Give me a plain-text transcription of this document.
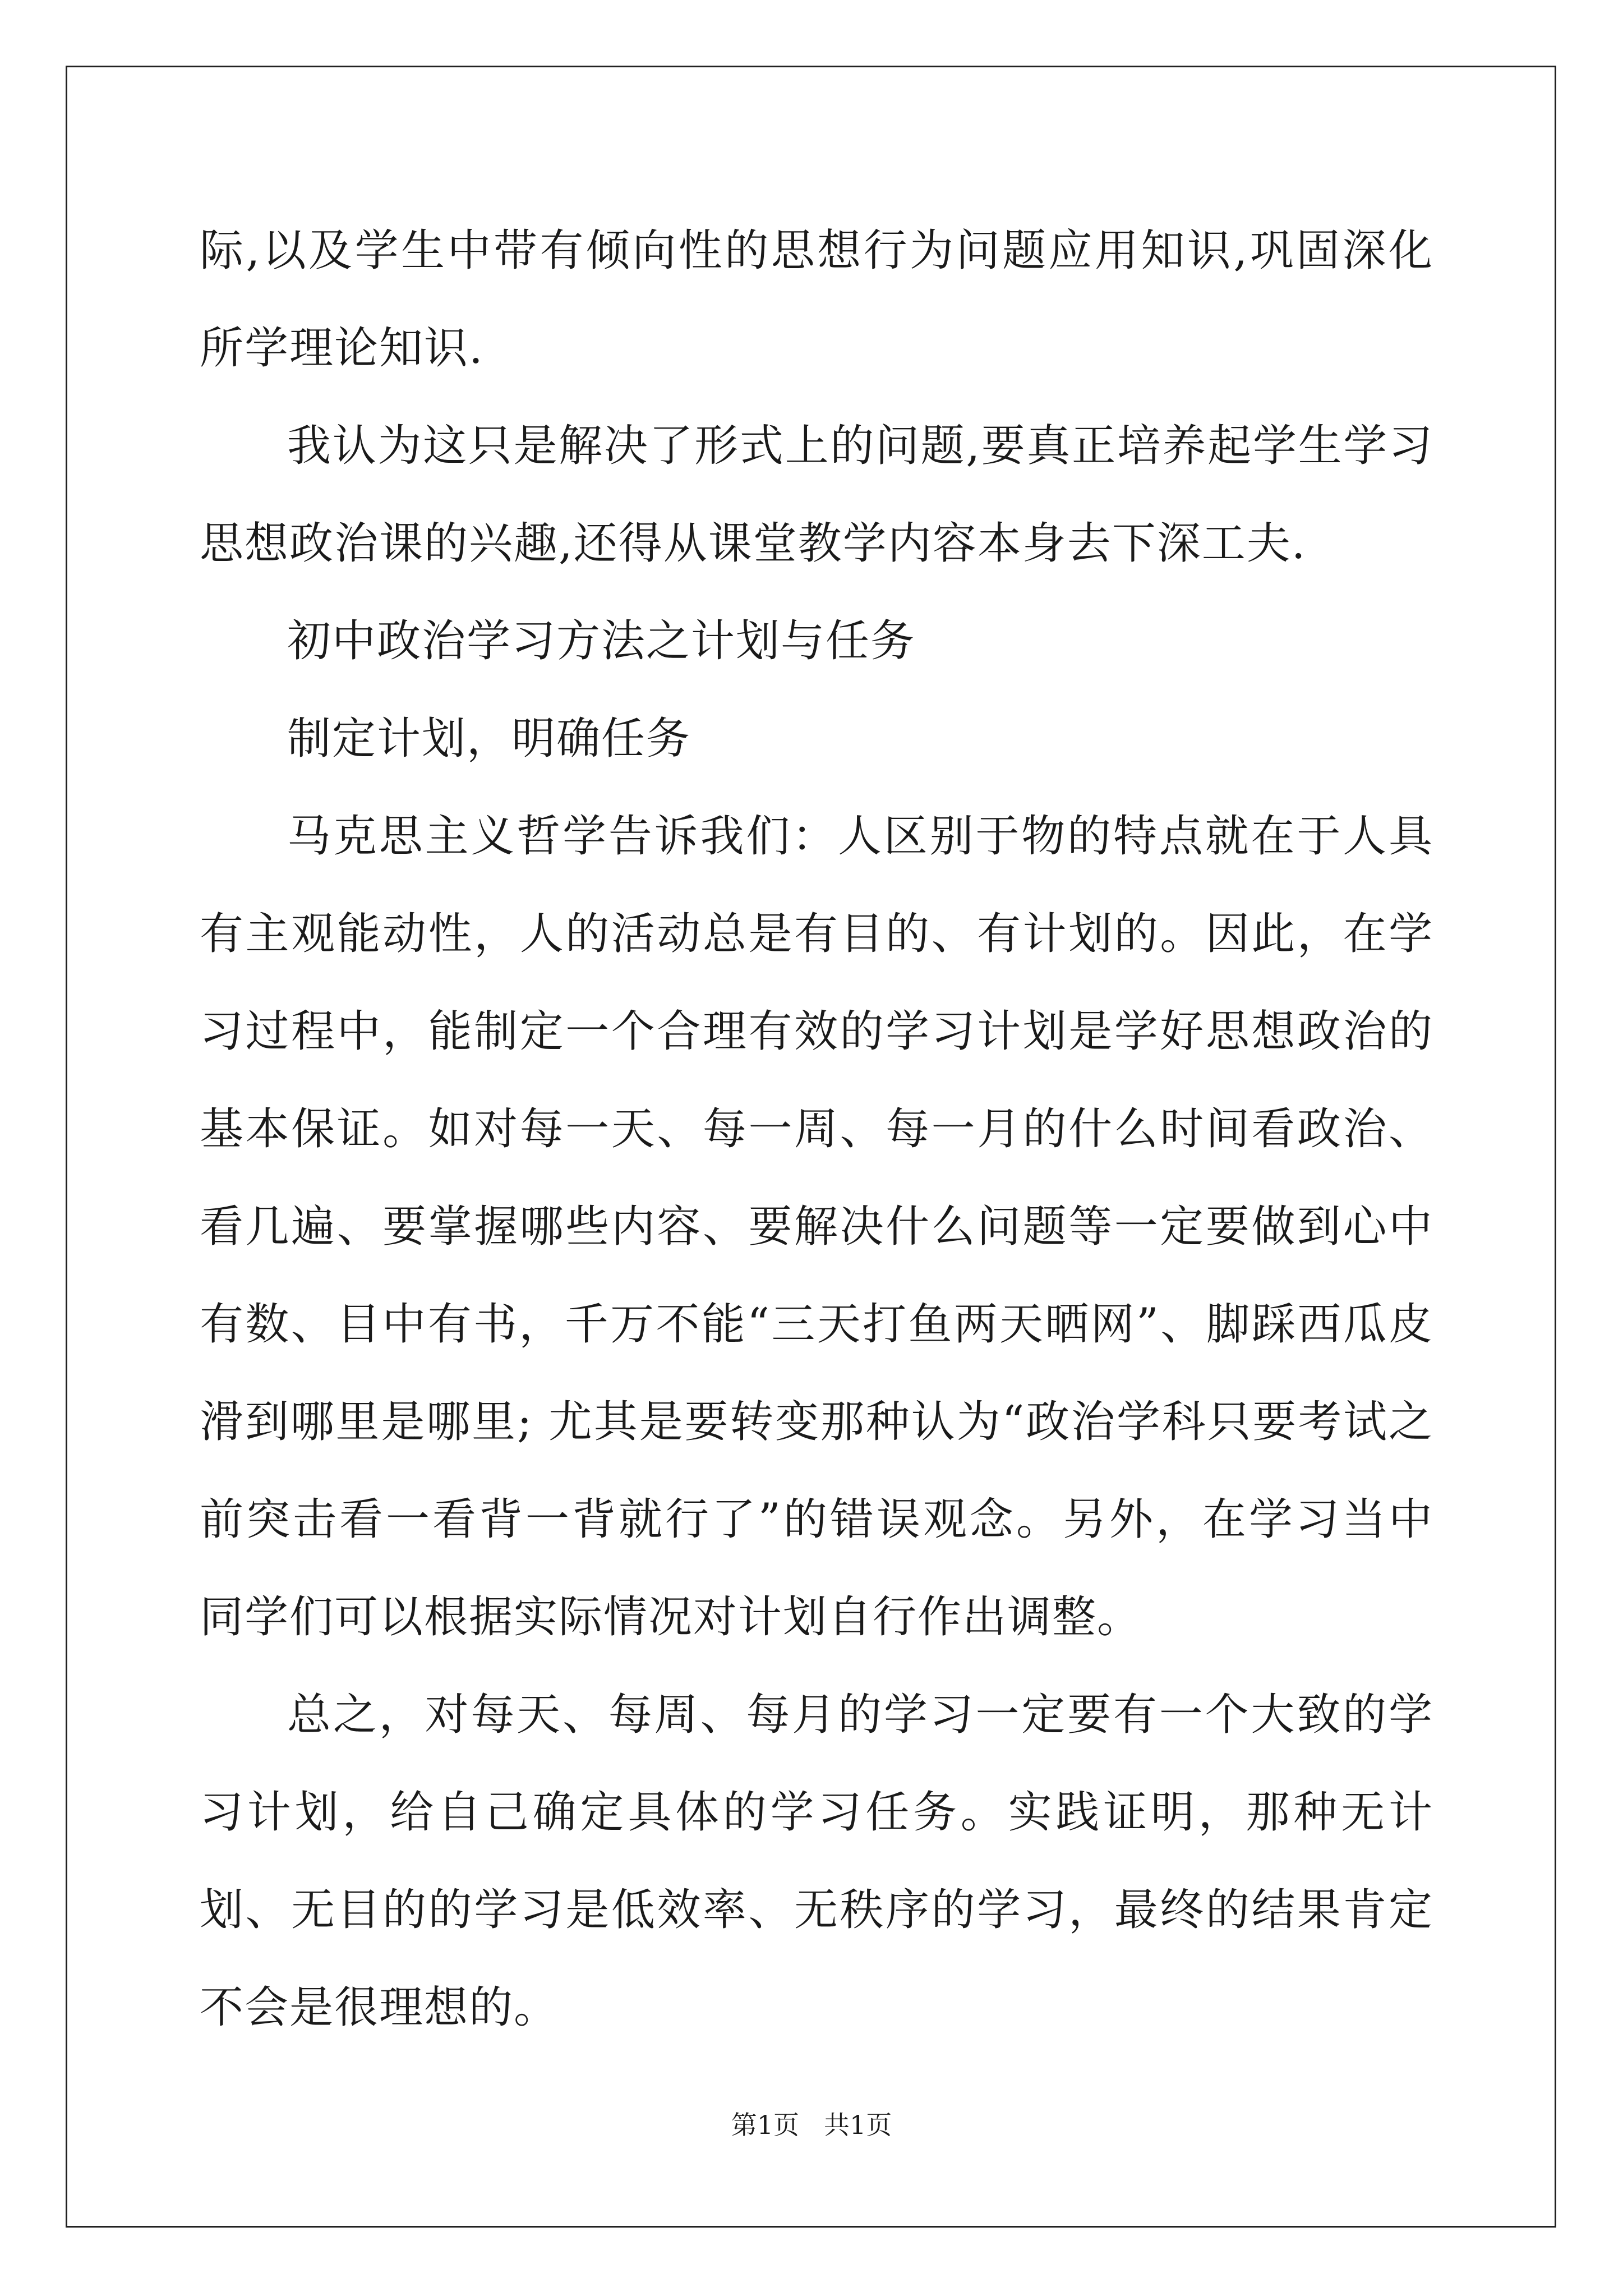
际,以及学生中带有倾向性的思想行为问题应用知识,巩固深化所学理论知识.

我认为这只是解决了形式上的问题,要真正培养起学生学习思想政治课的兴趣,还得从课堂教学内容本身去下深工夫.

初中政治学习方法之计划与任务

制定计划，明确任务

马克思主义哲学告诉我们：人区别于物的特点就在于人具有主观能动性，人的活动总是有目的、有计划的。因此，在学习过程中，能制定一个合理有效的学习计划是学好思想政治的基本保证。如对每一天、每一周、每一月的什么时间看政治、看几遍、要掌握哪些内容、要解决什么问题等一定要做到心中有数、目中有书，千万不能“三天打鱼两天晒网”、脚踩西瓜皮滑到哪里是哪里; 尤其是要转变那种认为“政治学科只要考试之前突击看一看背一背就行了”的错误观念。另外，在学习当中同学们可以根据实际情况对计划自行作出调整。

总之，对每天、每周、每月的学习一定要有一个大致的学习计划，给自己确定具体的学习任务。实践证明，那种无计划、无目的的学习是低效率、无秩序的学习，最终的结果肯定不会是很理想的。

第1页 共1页
